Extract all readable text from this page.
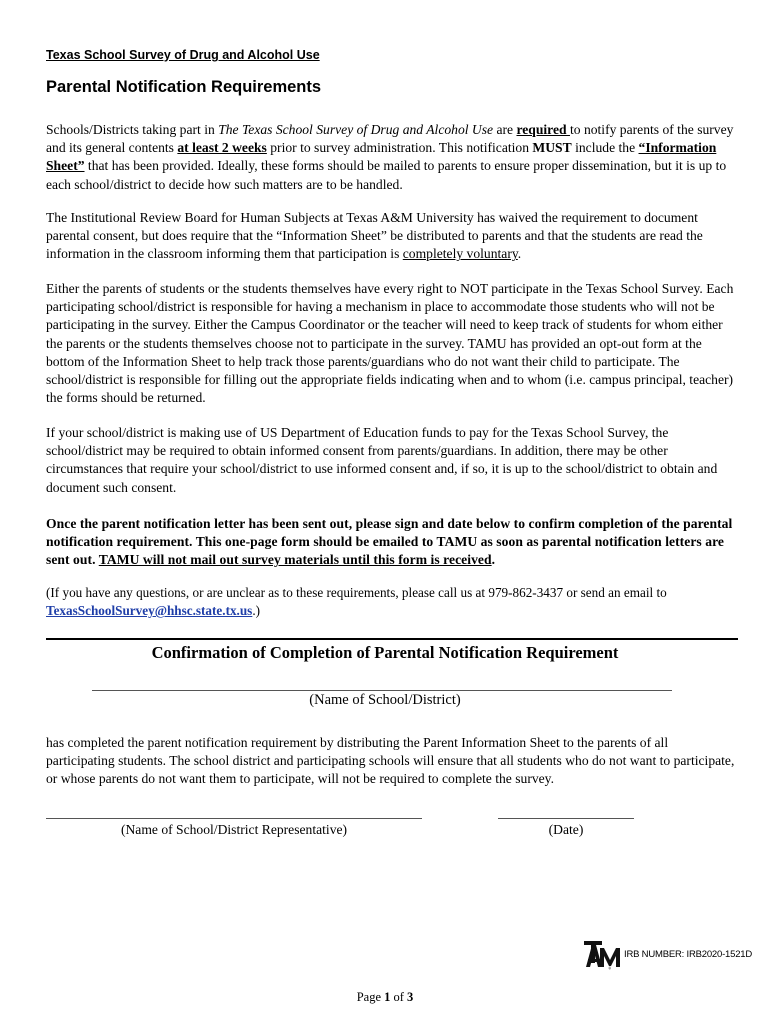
Texas School Survey of Drug and Alcohol Use
Parental Notification Requirements
Schools/Districts taking part in The Texas School Survey of Drug and Alcohol Use are required to notify parents of the survey and its general contents at least 2 weeks prior to survey administration. This notification MUST include the “Information Sheet” that has been provided. Ideally, these forms should be mailed to parents to ensure proper dissemination, but it is up to each school/district to decide how such matters are to be handled.
The Institutional Review Board for Human Subjects at Texas A&M University has waived the requirement to document parental consent, but does require that the “Information Sheet” be distributed to parents and that the students are read the information in the classroom informing them that participation is completely voluntary.
Either the parents of students or the students themselves have every right to NOT participate in the Texas School Survey. Each participating school/district is responsible for having a mechanism in place to accommodate those students who will not be participating in the survey. Either the Campus Coordinator or the teacher will need to keep track of students for whom either the parents or the students themselves choose not to participate in the survey. TAMU has provided an opt-out form at the bottom of the Information Sheet to help track those parents/guardians who do not want their child to participate. The school/district is responsible for filling out the appropriate fields indicating when and to whom (i.e. campus principal, teacher) the forms should be returned.
If your school/district is making use of US Department of Education funds to pay for the Texas School Survey, the school/district may be required to obtain informed consent from parents/guardians. In addition, there may be other circumstances that require your school/district to use informed consent and, if so, it is up to the school/district to obtain and document such consent.
Once the parent notification letter has been sent out, please sign and date below to confirm completion of the parental notification requirement. This one-page form should be emailed to TAMU as soon as parental notification letters are sent out. TAMU will not mail out survey materials until this form is received.
(If you have any questions, or are unclear as to these requirements, please call us at 979-862-3437 or send an email to TexasSchoolSurvey@hhsc.state.tx.us.)
Confirmation of Completion of Parental Notification Requirement
(Name of School/District)
has completed the parent notification requirement by distributing the Parent Information Sheet to the parents of all participating students. The school district and participating schools will ensure that all students who do not want to participate, or whose parents do not want them to participate, will not be required to complete the survey.
(Name of School/District Representative)	(Date)
®
IRB NUMBER: IRB2020-1521D
Page 1 of 3
